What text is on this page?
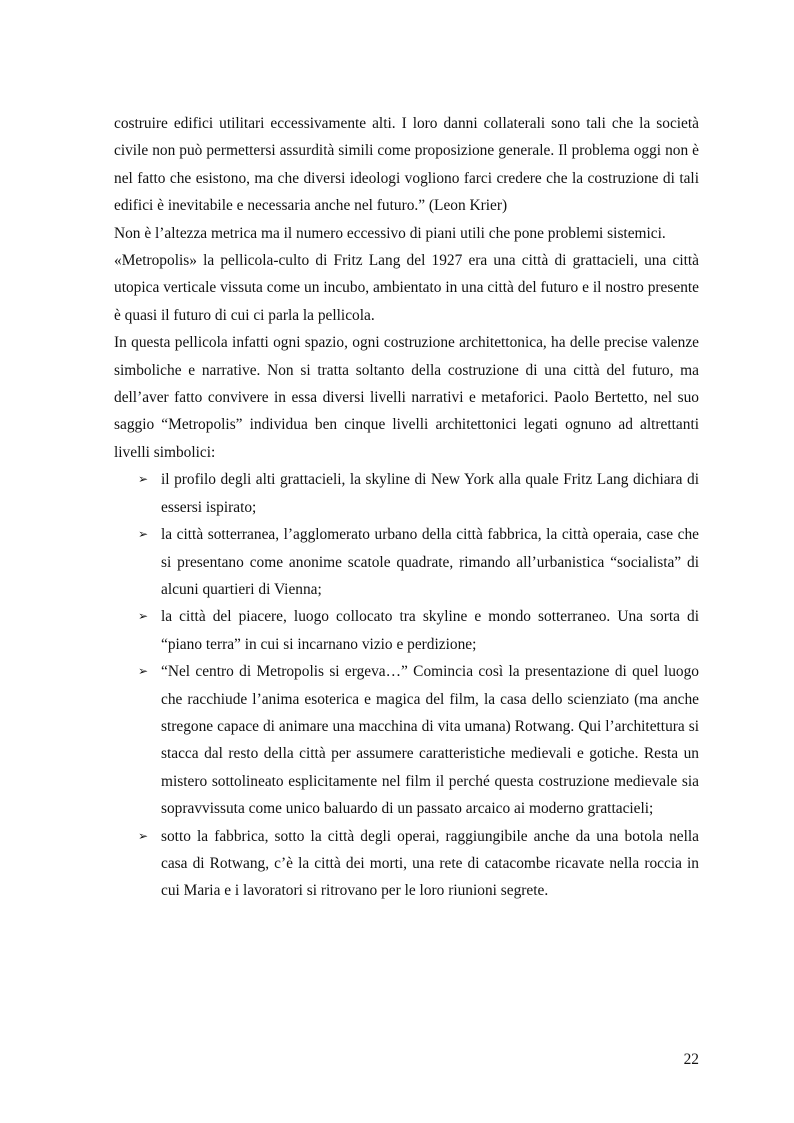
costruire edifici utilitari eccessivamente alti. I loro danni collaterali sono tali che la società civile non può permettersi assurdità simili come proposizione generale. Il problema oggi non è nel fatto che esistono, ma che diversi ideologi vogliono farci credere che la costruzione di tali edifici è inevitabile e necessaria anche nel futuro.” (Leon Krier)

Non è l’altezza metrica ma il numero eccessivo di piani utili che pone problemi sistemici.

«Metropolis» la pellicola-culto di Fritz Lang del 1927 era una città di grattacieli, una città utopica verticale vissuta come un incubo, ambientato in una città del futuro e il nostro presente è quasi il futuro di cui ci parla la pellicola.

In questa pellicola infatti ogni spazio, ogni costruzione architettonica, ha delle precise valenze simboliche e narrative. Non si tratta soltanto della costruzione di una città del futuro, ma dell’aver fatto convivere in essa diversi livelli narrativi e metaforici. Paolo Bertetto, nel suo saggio “Metropolis” individua ben cinque livelli architettonici legati ognuno ad altrettanti livelli simbolici:

➢ il profilo degli alti grattacieli, la skyline di New York alla quale Fritz Lang dichiara di essersi ispirato;
➢ la città sotterranea, l’agglomerato urbano della città fabbrica, la città operaia, case che si presentano come anonime scatole quadrate, rimando all’urbanistica “socialista” di alcuni quartieri di Vienna;
➢ la città del piacere, luogo collocato tra skyline e mondo sotterraneo. Una sorta di “piano terra” in cui si incarnano vizio e perdizione;
➢ “Nel centro di Metropolis si ergeva…” Comincia così la presentazione di quel luogo che racchiude l’anima esoterica e magica del film, la casa dello scienziato (ma anche stregone capace di animare una macchina di vita umana) Rotwang. Qui l’architettura si stacca dal resto della città per assumere caratteristiche medievali e gotiche. Resta un mistero sottolineato esplicitamente nel film il perché questa costruzione medievale sia sopravvissuta come unico baluardo di un passato arcaico ai moderno grattacieli;
➢ sotto la fabbrica, sotto la città degli operai, raggiungibile anche da una botola nella casa di Rotwang, c’è la città dei morti, una rete di catacombe ricavate nella roccia in cui Maria e i lavoratori si ritrovano per le loro riunioni segrete.
22
